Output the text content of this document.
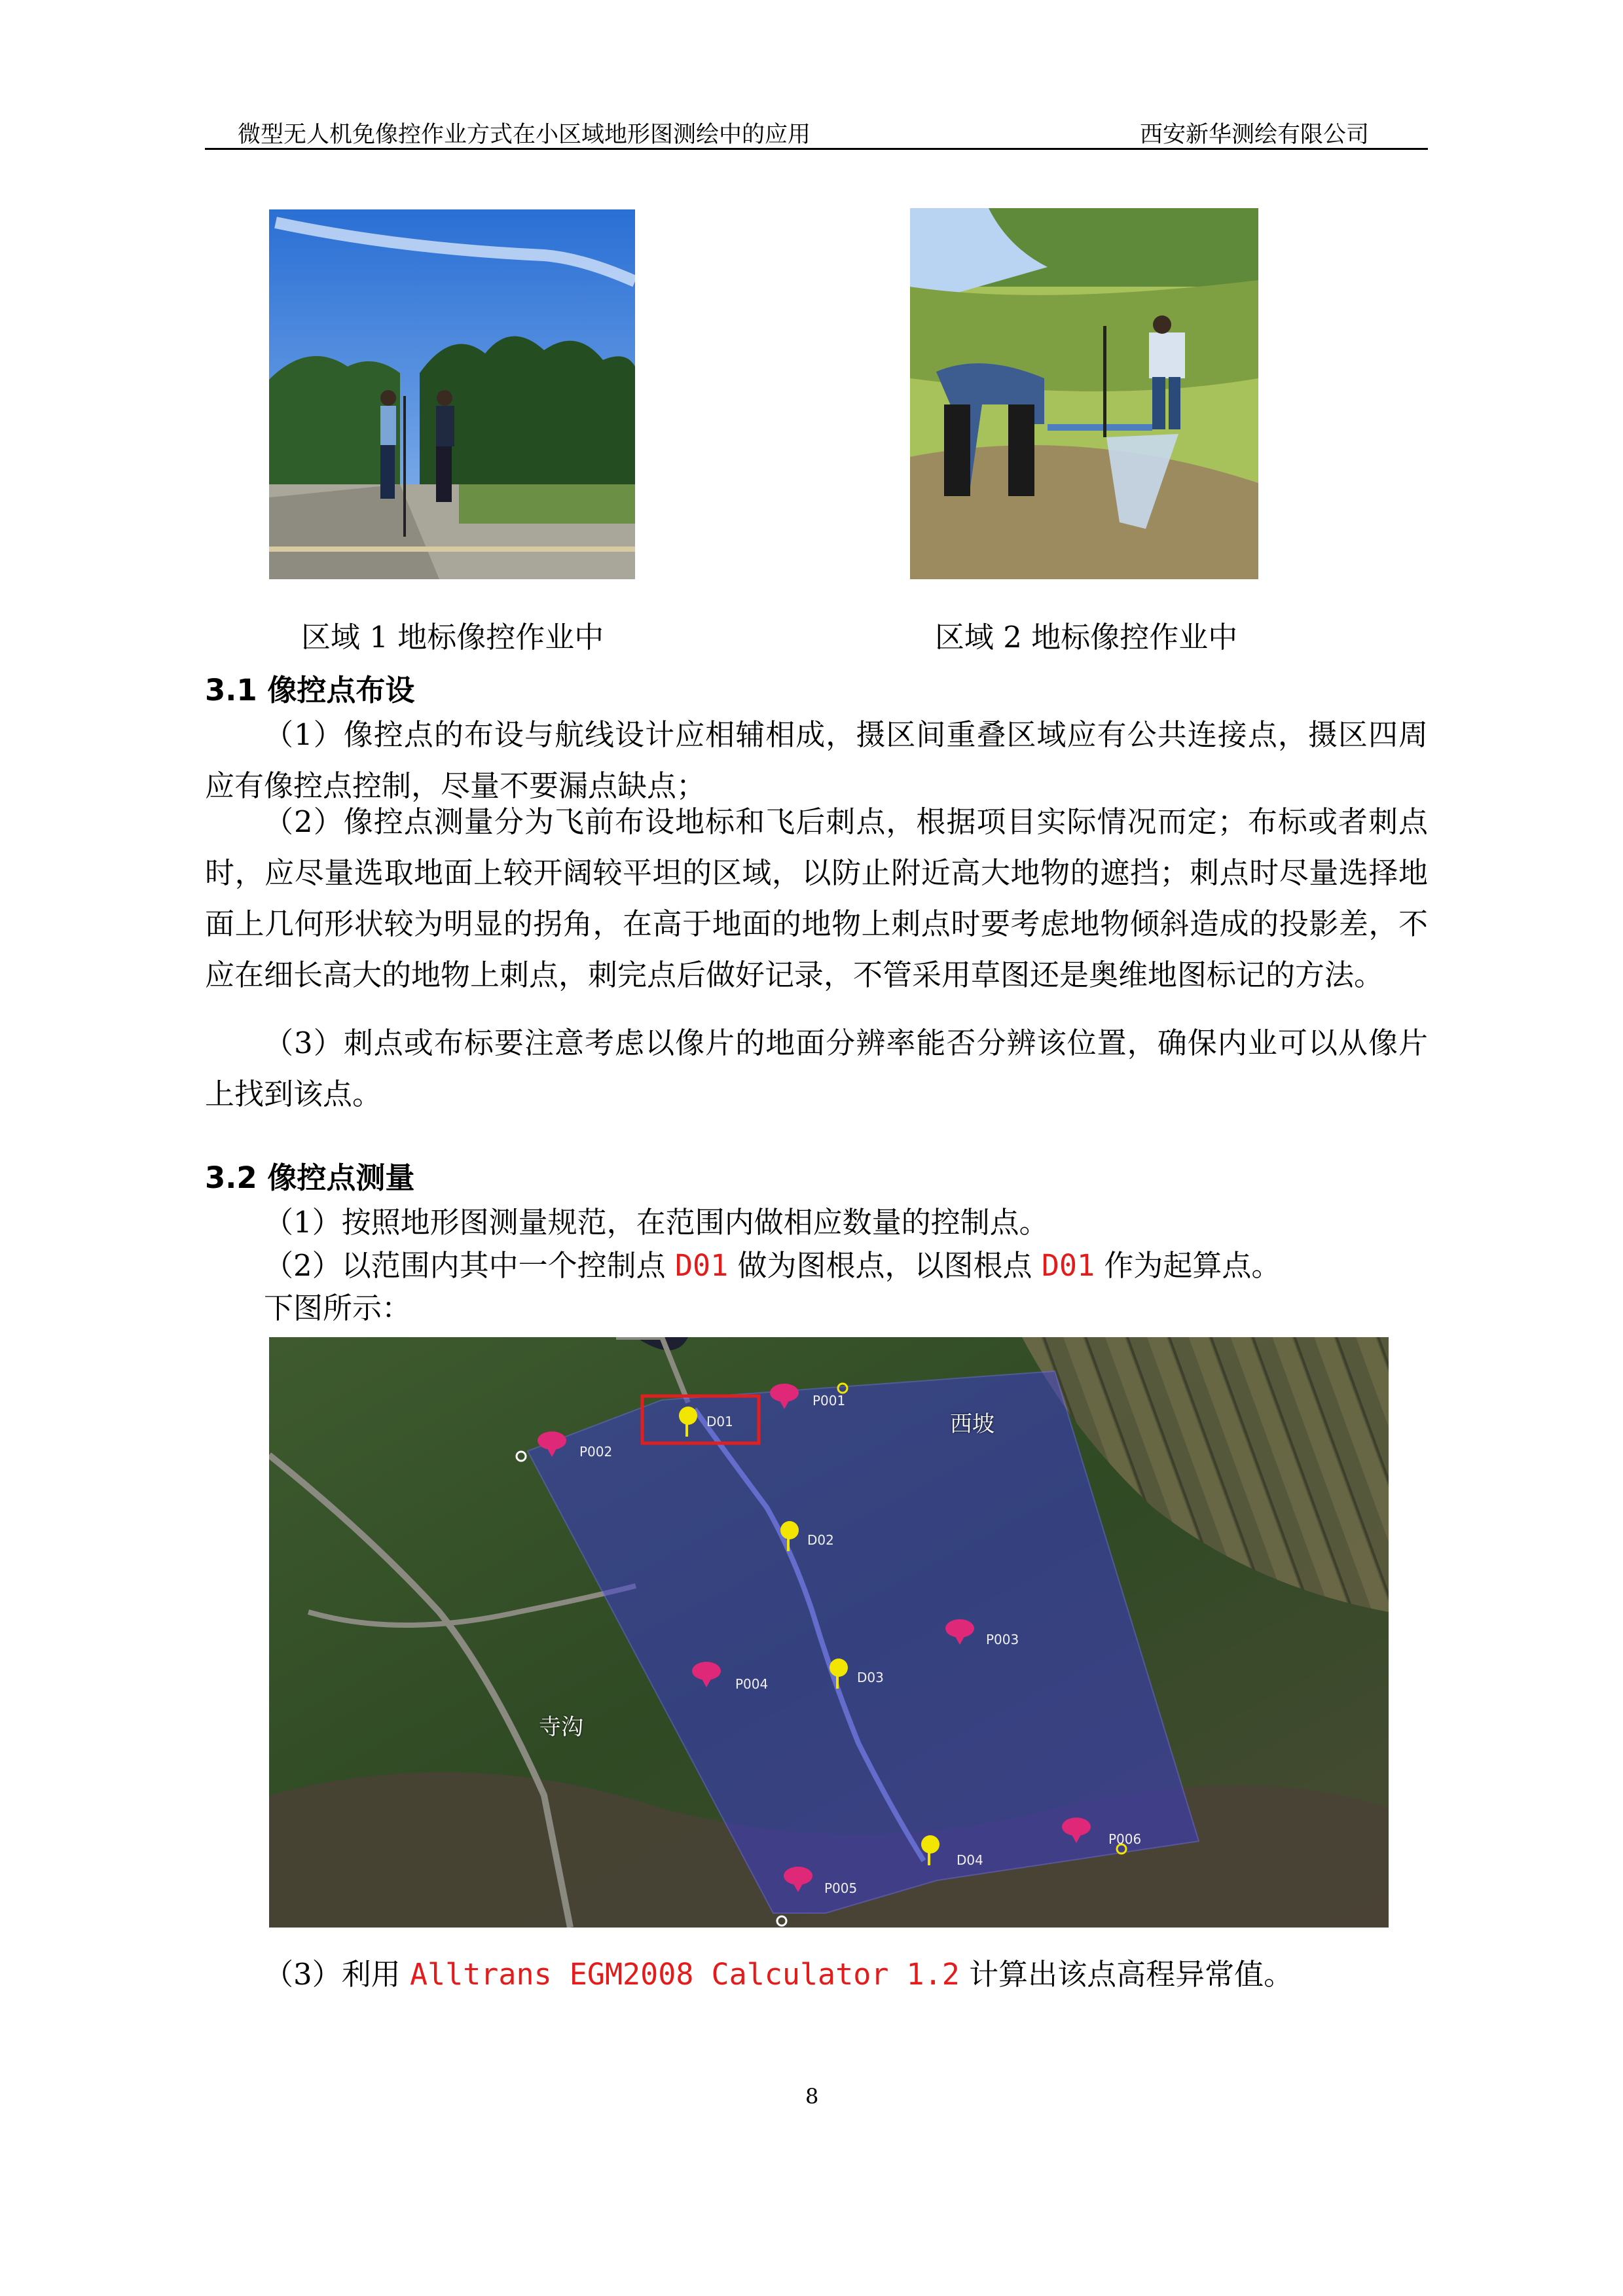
微型无人机免像控作业方式在小区域地形图测绘中的应用	西安新华测绘有限公司
区域 1 地标像控作业中	区域 2 地标像控作业中
3.1 像控点布设
（1）像控点的布设与航线设计应相辅相成，摄区间重叠区域应有公共连接点，摄区四周应有像控点控制，尽量不要漏点缺点；
（2）像控点测量分为飞前布设地标和飞后刺点，根据项目实际情况而定；布标或者刺点时，应尽量选取地面上较开阔较平坦的区域，以防止附近高大地物的遮挡；刺点时尽量选择地面上几何形状较为明显的拐角，在高于地面的地物上刺点时要考虑地物倾斜造成的投影差，不应在细长高大的地物上刺点，刺完点后做好记录，不管采用草图还是奥维地图标记的方法。
（3）刺点或布标要注意考虑以像片的地面分辨率能否分辨该位置，确保内业可以从像片上找到该点。
3.2 像控点测量
（1）按照地形图测量规范，在范围内做相应数量的控制点。
（2）以范围内其中一个控制点 D01 做为图根点，以图根点 D01 作为起算点。
下图所示：
D01
D02
D03
D04
P001
P002
P003
P004
P005
P006
西坡
寺沟
（3）利用 Alltrans EGM2008 Calculator 1.2 计算出该点高程异常值。
8
